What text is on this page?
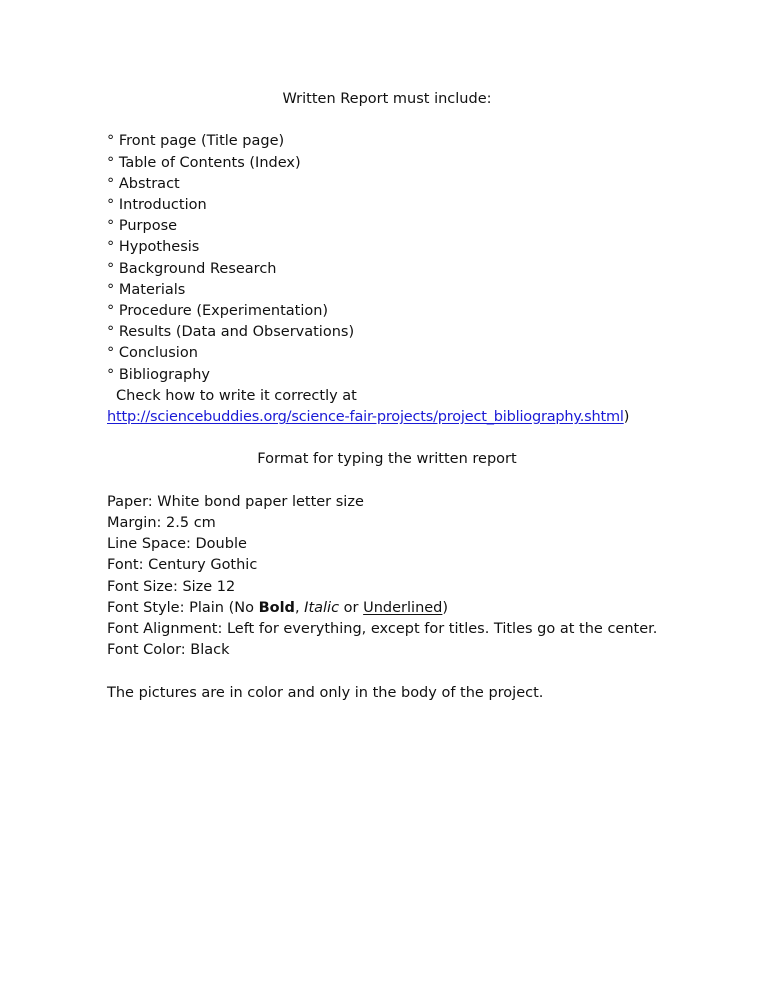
Written Report must include:
° Front page (Title page)
° Table of Contents (Index)
° Abstract
° Introduction
° Purpose
° Hypothesis
° Background Research
° Materials
° Procedure (Experimentation)
° Results (Data and Observations)
° Conclusion
° Bibliography
Check how to write it correctly at
http://sciencebuddies.org/science-fair-projects/project_bibliography.shtml)
Format for typing the written report
Paper: White bond paper letter size
Margin: 2.5 cm
Line Space: Double
Font: Century Gothic
Font Size: Size 12
Font Style: Plain (No Bold, Italic or Underlined)
Font Alignment: Left for everything, except for titles. Titles go at the center.
Font Color: Black
The pictures are in color and only in the body of the project.
